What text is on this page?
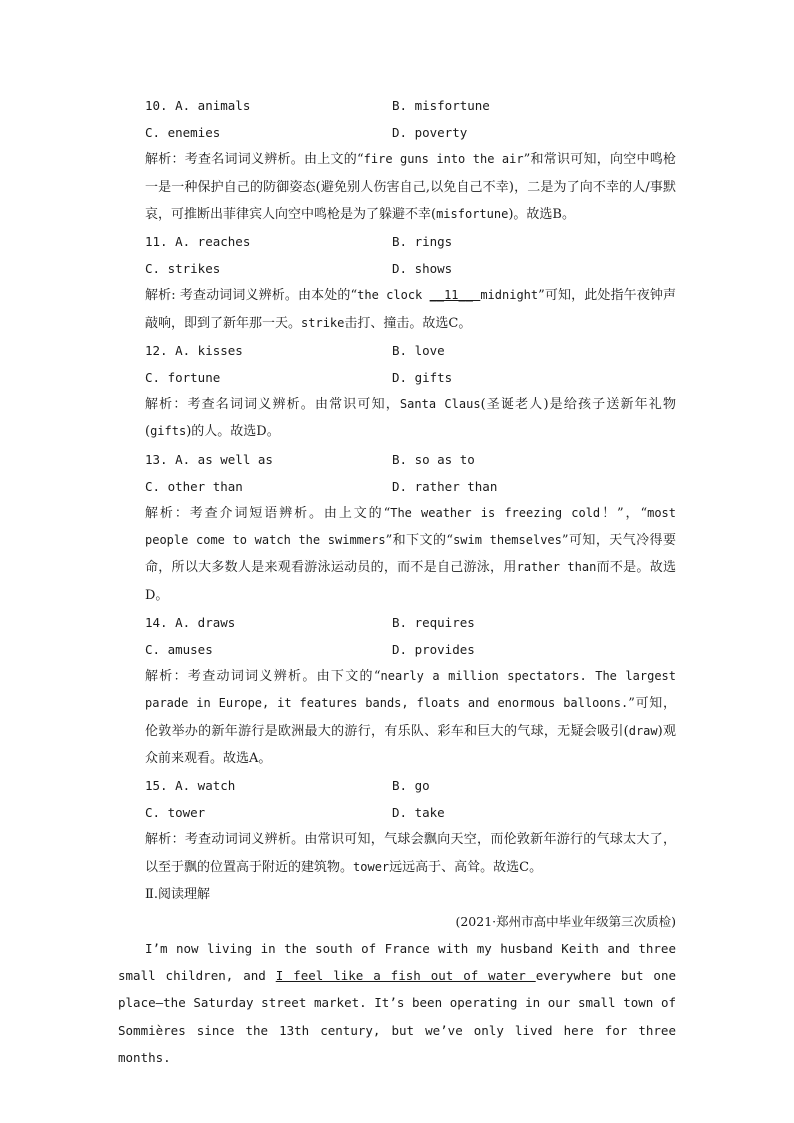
10. A. animals	B. misfortune
C. enemies	D. poverty
解析：考查名词词义辨析。由上文的“fire guns into the air”和常识可知，向空中鸣枪一是一种保护自己的防御姿态(避免别人伤害自己,以免自己不幸)，二是为了向不幸的人/事默哀，可推断出菲律宾人向空中鸣枪是为了躲避不幸(misfortune)。故选B。
11. A. reaches	B. rings
C. strikes	D. shows
解析: 考查动词词义辨析。由本处的“the clock __11__ midnight”可知，此处指午夜钟声敲响，即到了新年那一天。strike击打、撞击。故选C。
12. A. kisses	B. love
C. fortune	D. gifts
解析：考查名词词义辨析。由常识可知，Santa Claus(圣诞老人)是给孩子送新年礼物(gifts)的人。故选D。
13. A. as well as	B. so as to
C. other than	D. rather than
解析：考查介词短语辨析。由上文的“The weather is freezing cold！”，“most people come to watch the swimmers”和下文的“swim themselves”可知，天气冷得要命，所以大多数人是来观看游泳运动员的，而不是自己游泳，用rather than而不是。故选D。
14. A. draws	B. requires
C. amuses	D. provides
解析：考查动词词义辨析。由下文的“nearly a million spectators. The largest parade in Europe, it features bands, floats and enormous balloons.”可知，伦敦举办的新年游行是欧洲最大的游行，有乐队、彩车和巨大的气球，无疑会吸引(draw)观众前来观看。故选A。
15. A. watch	B. go
C. tower	D. take
解析：考查动词词义辨析。由常识可知，气球会飘向天空，而伦敦新年游行的气球太大了，以至于飘的位置高于附近的建筑物。tower远远高于、高耸。故选C。
Ⅱ.阅读理解
(2021·郑州市高中毕业年级第三次质检)
I’m now living in the south of France with my husband Keith and three small children, and I feel like a fish out of water everywhere but one place—the Saturday street market. It’s been operating in our small town of Sommières since the 13th century, but we’ve only lived here for three months.
